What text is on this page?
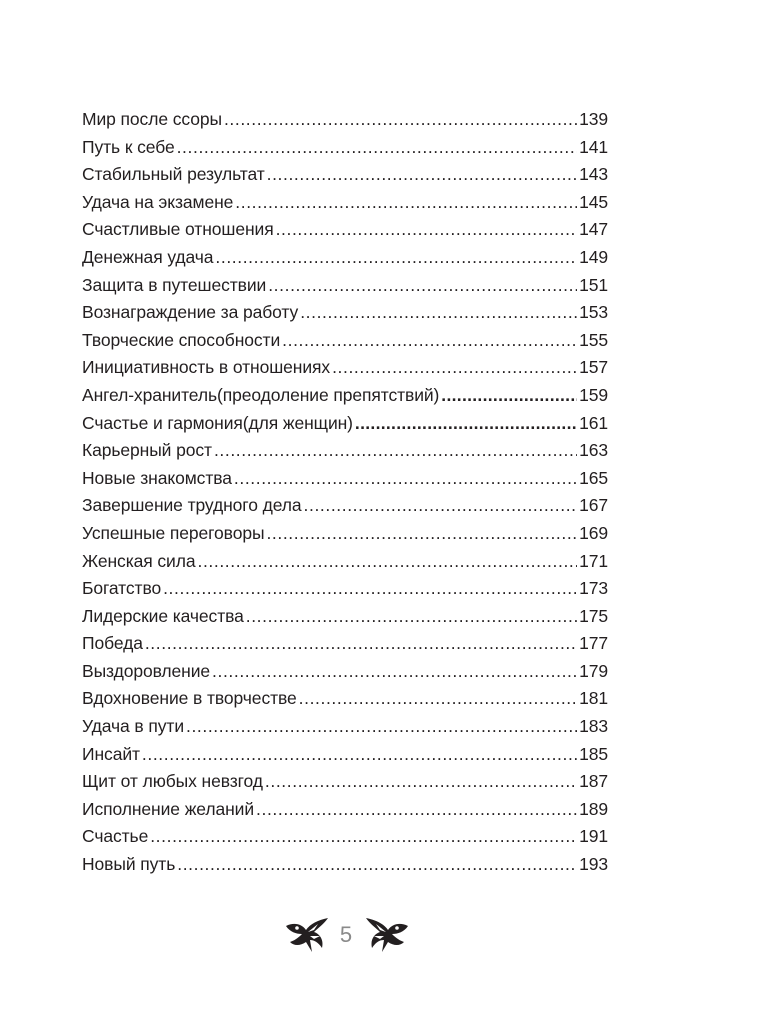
Мир после ссоры .....	139
Путь к себе .....	141
Стабильный результат .....	143
Удача на экзамене .....	145
Счастливые отношения .....	147
Денежная удача .....	149
Защита в путешествии .....	151
Вознаграждение за работу .....	153
Творческие способности .....	155
Инициативность в отношениях .....	157
Ангел-хранитель(преодоление препятствий) .....	159
Счастье и гармония(для женщин) .....	161
Карьерный рост .....	163
Новые знакомства .....	165
Завершение трудного дела .....	167
Успешные переговоры .....	169
Женская сила .....	171
Богатство .....	173
Лидерские качества .....	175
Победа .....	177
Выздоровление .....	179
Вдохновение в творчестве .....	181
Удача в пути .....	183
Инсайт .....	185
Щит от любых невзгод .....	187
Исполнение желаний .....	189
Счастье .....	191
Новый путь .....	193
5
